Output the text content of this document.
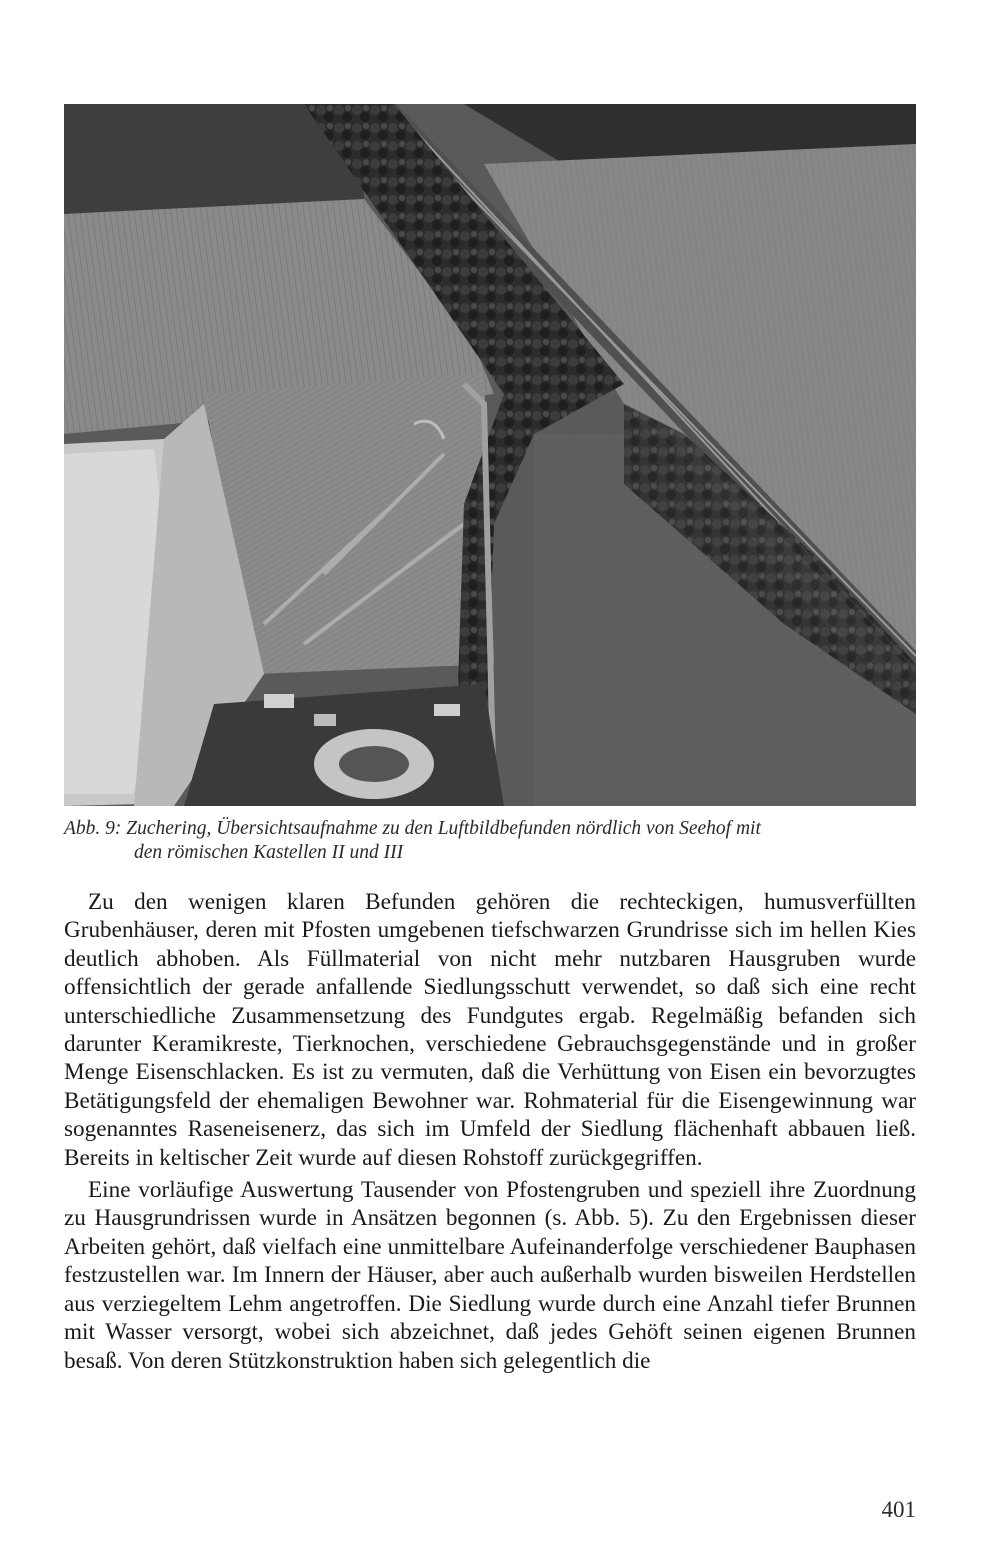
Abb. 9: Zuchering, Übersichtsaufnahme zu den Luftbildbefunden nördlich von Seehof mit
den römischen Kastellen II und III

Zu den wenigen klaren Befunden gehören die rechteckigen, humusverfüllten Grubenhäuser, deren mit Pfosten umgebenen tiefschwarzen Grundrisse sich im hellen Kies deutlich abhoben. Als Füllmaterial von nicht mehr nutzbaren Hausgruben wurde offensichtlich der gerade anfallende Siedlungsschutt verwendet, so daß sich eine recht unterschiedliche Zusammensetzung des Fundgutes ergab. Regelmäßig befanden sich darunter Keramikreste, Tierknochen, verschiedene Gebrauchsgegenstände und in großer Menge Eisenschlacken. Es ist zu vermuten, daß die Verhüttung von Eisen ein bevorzugtes Betätigungsfeld der ehemaligen Bewohner war. Rohmaterial für die Eisengewinnung war sogenanntes Raseneisenerz, das sich im Umfeld der Siedlung flächenhaft abbauen ließ. Bereits in keltischer Zeit wurde auf diesen Rohstoff zurückgegriffen.

Eine vorläufige Auswertung Tausender von Pfostengruben und speziell ihre Zuordnung zu Hausgrundrissen wurde in Ansätzen begonnen (s. Abb. 5). Zu den Ergebnissen dieser Arbeiten gehört, daß vielfach eine unmittelbare Aufeinanderfolge verschiedener Bauphasen festzustellen war. Im Innern der Häuser, aber auch außerhalb wurden bisweilen Herdstellen aus verziegeltem Lehm angetroffen. Die Siedlung wurde durch eine Anzahl tiefer Brunnen mit Wasser versorgt, wobei sich abzeichnet, daß jedes Gehöft seinen eigenen Brunnen besaß. Von deren Stützkonstruktion haben sich gelegentlich die

401
